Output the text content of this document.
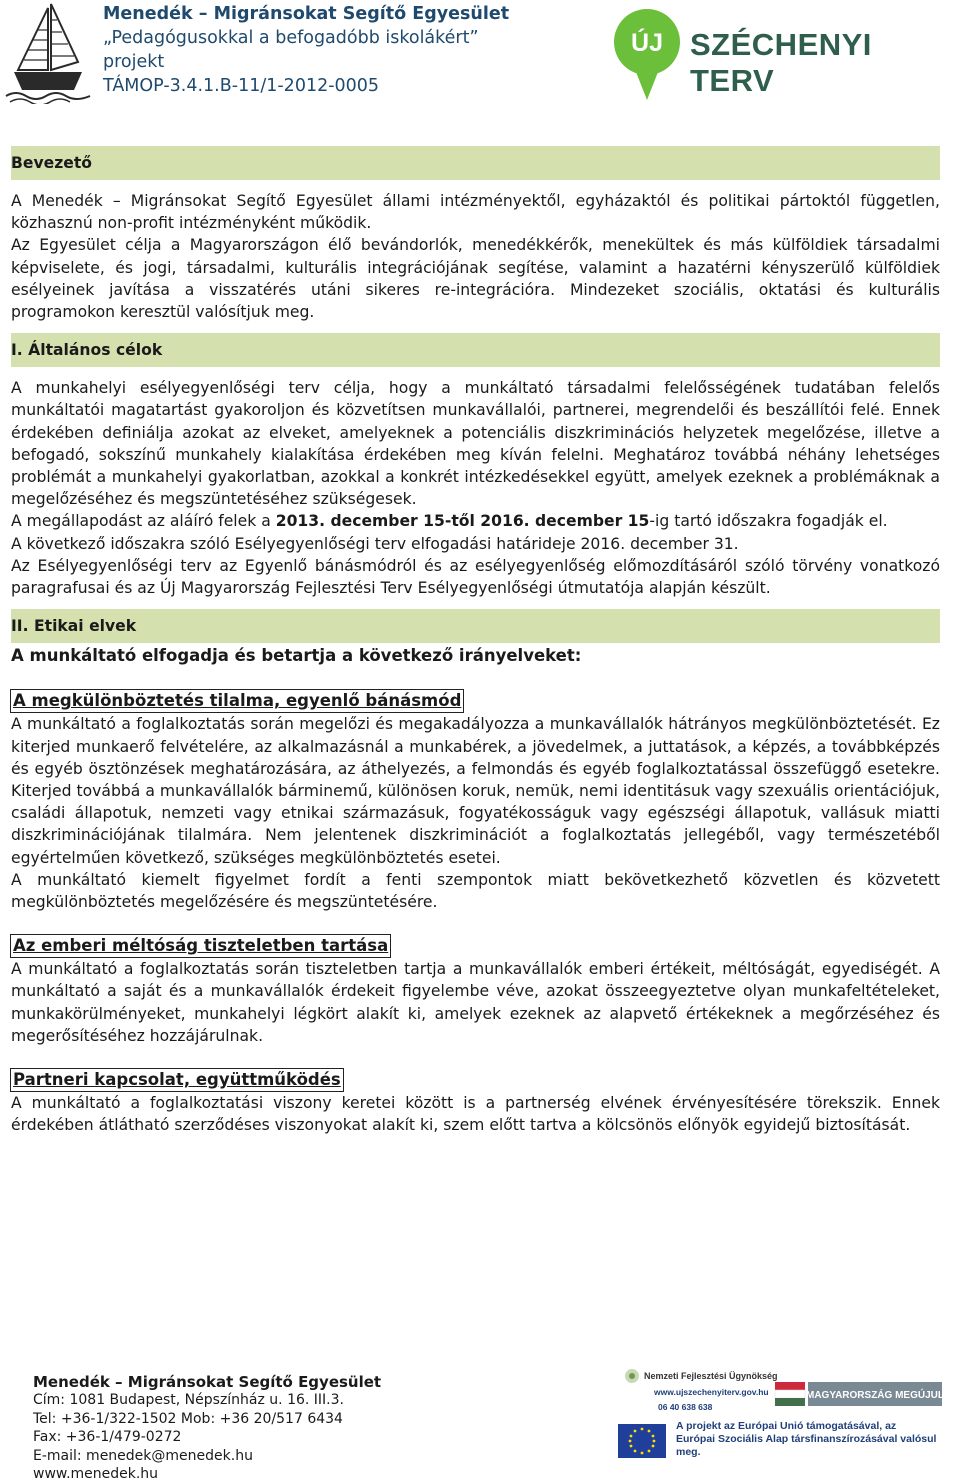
Menedék – Migránsokat Segítő Egyesület
„Pedagógusokkal a befogadóbb iskolákért”
projekt
TÁMOP-3.4.1.B-11/1-2012-0005
ÚJ SZÉCHENYI TERV
Bevezető

A Menedék – Migránsokat Segítő Egyesület állami intézményektől, egyházaktól és politikai pártoktól független, közhasznú non-profit intézményként működik.

Az Egyesület célja a Magyarországon élő bevándorlók, menedékkérők, menekültek és más külföldiek társadalmi képviselete, és jogi, társadalmi, kulturális integrációjának segítése, valamint a hazatérni kényszerülő külföldiek esélyeinek javítása a visszatérés utáni sikeres re-integrációra. Mindezeket szociális, oktatási és kulturális programokon keresztül valósítjuk meg.

I. Általános célok

A munkahelyi esélyegyenlőségi terv célja, hogy a munkáltató társadalmi felelősségének tudatában felelős munkáltatói magatartást gyakoroljon és közvetítsen munkavállalói, partnerei, megrendelői és beszállítói felé. Ennek érdekében definiálja azokat az elveket, amelyeknek a potenciális diszkriminációs helyzetek megelőzése, illetve a befogadó, sokszínű munkahely kialakítása érdekében meg kíván felelni. Meghatároz továbbá néhány lehetséges problémát a munkahelyi gyakorlatban, azokkal a konkrét intézkedésekkel együtt, amelyek ezeknek a problémáknak a megelőzéséhez és megszüntetéséhez szükségesek.

A megállapodást az aláíró felek a 2013. december 15-től 2016. december 15-ig tartó időszakra fogadják el.

A következő időszakra szóló Esélyegyenlőségi terv elfogadási határideje 2016. december 31.

Az Esélyegyenlőségi terv az Egyenlő bánásmódról és az esélyegyenlőség előmozdításáról szóló törvény vonatkozó paragrafusai és az Új Magyarország Fejlesztési Terv Esélyegyenlőségi útmutatója alapján készült.

II. Etikai elvek

A munkáltató elfogadja és betartja a következő irányelveket:

A megkülönböztetés tilalma, egyenlő bánásmód

A munkáltató a foglalkoztatás során megelőzi és megakadályozza a munkavállalók hátrányos megkülönböztetését. Ez kiterjed munkaerő felvételére, az alkalmazásnál a munkabérek, a jövedelmek, a juttatások, a képzés, a továbbképzés és egyéb ösztönzések meghatározására, az áthelyezés, a felmondás és egyéb foglalkoztatással összefüggő esetekre. Kiterjed továbbá a munkavállalók bárminemű, különösen koruk, nemük, nemi identitásuk vagy szexuális orientációjuk, családi állapotuk, nemzeti vagy etnikai származásuk, fogyatékosságuk vagy egészségi állapotuk, vallásuk miatti diszkriminációjának tilalmára. Nem jelentenek diszkriminációt a foglalkoztatás jellegéből, vagy természetéből egyértelműen következő, szükséges megkülönböztetés esetei.

A munkáltató kiemelt figyelmet fordít a fenti szempontok miatt bekövetkezhető közvetlen és közvetett megkülönböztetés megelőzésére és megszüntetésére.

Az emberi méltóság tiszteletben tartása

A munkáltató a foglalkoztatás során tiszteletben tartja a munkavállalók emberi értékeit, méltóságát, egyediségét. A munkáltató a saját és a munkavállalók érdekeit figyelembe véve, azokat összeegyeztetve olyan munkafeltételeket, munkakörülményeket, munkahelyi légkört alakít ki, amelyek ezeknek az alapvető értékeknek a megőrzéséhez és megerősítéséhez hozzájárulnak.

Partneri kapcsolat, együttműködés

A munkáltató a foglalkoztatási viszony keretei között is a partnerség elvének érvényesítésére törekszik. Ennek érdekében átlátható szerződéses viszonyokat alakít ki, szem előtt tartva a kölcsönös előnyök egyidejű biztosítását.

Menedék – Migránsokat Segítő Egyesület
Cím: 1081 Budapest, Népszínház u. 16. III.3.
Tel: +36-1/322-1502 Mob: +36 20/517 6434
Fax: +36-1/479-0272
E-mail: menedek@menedek.hu
www.menedek.hu
Nemzeti Fejlesztési Ügynökség
www.ujszechenyiterv.gov.hu
06 40 638 638
MAGYARORSZÁG MEGÚJUL
A projekt az Európai Unió támogatásával, az Európai Szociális Alap társfinanszírozásával valósul meg.
